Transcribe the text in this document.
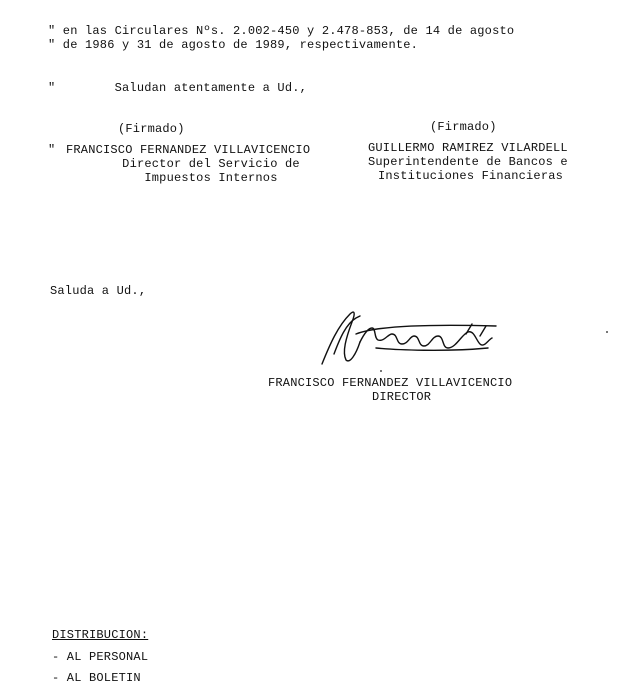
" en las Circulares Nºs. 2.002-450 y 2.478-853, de 14 de agosto
" de 1986 y 31 de agosto de 1989, respectivamente.
"        Saludan atentamente a Ud.,
(Firmado)
" FRANCISCO FERNANDEZ VILLAVICENCIO
Director del Servicio de
Impuestos Internos
(Firmado)
GUILLERMO RAMIREZ VILARDELL
Superintendente de Bancos e
Instituciones Financieras
Saluda a Ud.,
FRANCISCO FERNANDEZ VILLAVICENCIO
DIRECTOR
DISTRIBUCION:
- AL PERSONAL
- AL BOLETIN
